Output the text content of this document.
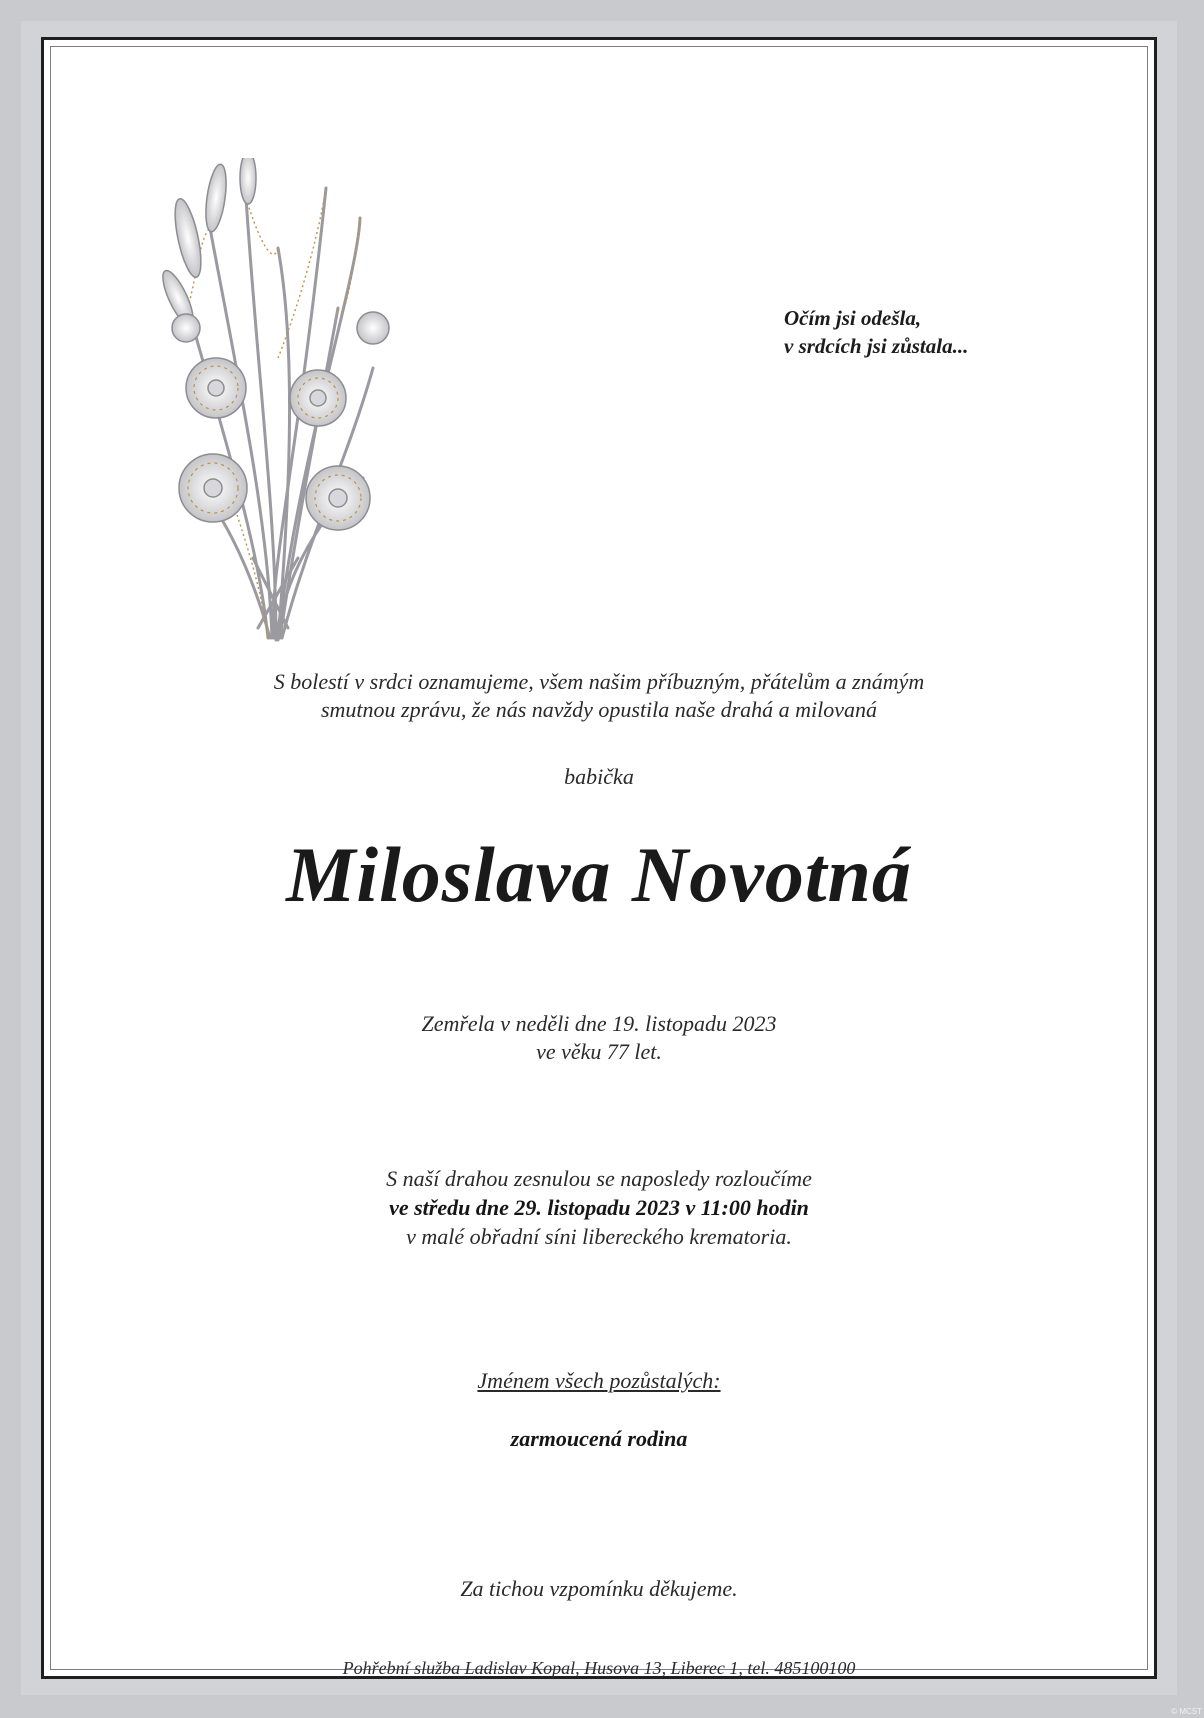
Očím jsi odešla,
v srdcích jsi zůstala...
S bolestí v srdci oznamujeme, všem našim příbuzným, přátelům a známým
smutnou zprávu, že nás navždy opustila naše drahá a milovaná
babička
Miloslava Novotná
Zemřela v neděli dne 19. listopadu 2023
ve věku 77 let.
S naší drahou zesnulou se naposledy rozloučíme
ve středu dne 29. listopadu 2023 v 11:00 hodin
v malé obřadní síni libereckého krematoria.
Jménem všech pozůstalých:
zarmoucená rodina
Za tichou vzpomínku děkujeme.
Pohřební služba Ladislav Kopal, Husova 13, Liberec 1, tel. 485100100
© MCST
